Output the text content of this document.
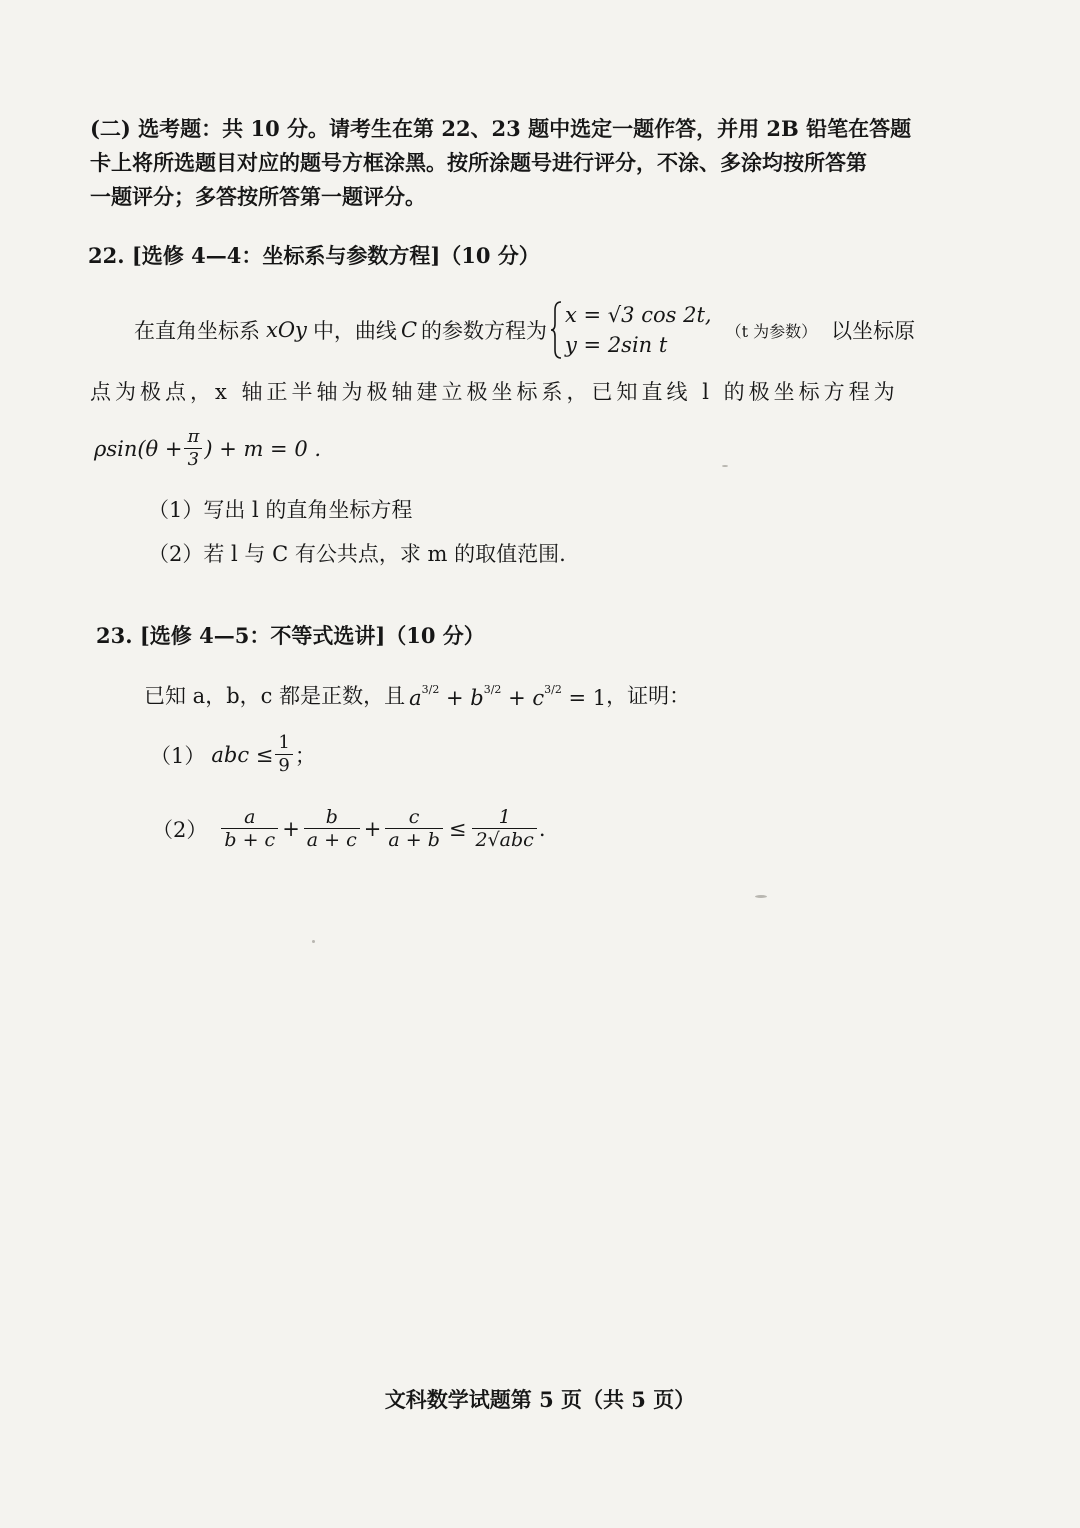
(二) 选考题：共 10 分。请考生在第 22、23 题中选定一题作答，并用 2B 铅笔在答题
卡上将所选题目对应的题号方框涂黑。按所涂题号进行评分，不涂、多涂均按所答第
一题评分；多答按所答第一题评分。
22. [选修 4—4：坐标系与参数方程]（10 分）
在直角坐标系 xOy 中，曲线 C 的参数方程为
x = √3 cos 2t,
y = 2sin t
（t 为参数） 以坐标原
点为极点，x 轴正半轴为极轴建立极坐标系，已知直线 l 的极坐标方程为
$\rho\sin(\theta + \frac{\pi}{3}$ ) + m = 0 .
（1）写出 l 的直角坐标方程
（2）若 l 与 C 有公共点，求 m 的取值范围.
23. [选修 4—5：不等式选讲]（10 分）
已知 a，b，c 都是正数，且 $a^{3/2} + b^{3/2} + c^{3/2} = 1$ ，证明：
（1） abc ≤ $\frac{1}{9}$ ；
$(2) \frac{a}{b + c} + \frac{b}{a + c} + \frac{c}{a + b} \le \frac{1}{\text{2√abc}}$ .
文科数学试题第 5 页（共 5 页）
